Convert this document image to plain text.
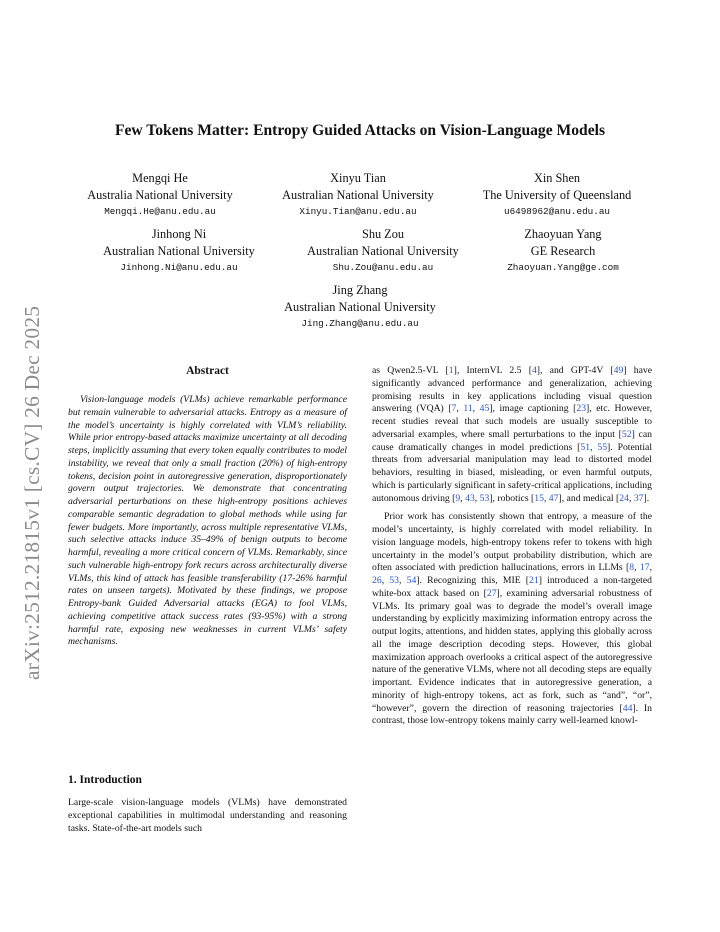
arXiv:2512.21815v1 [cs.CV] 26 Dec 2025
Few Tokens Matter: Entropy Guided Attacks on Vision-Language Models
Mengqi He
Australia National University
Mengqi.He@anu.edu.au
Xinyu Tian
Australian National University
Xinyu.Tian@anu.edu.au
Xin Shen
The University of Queensland
u6498962@anu.edu.au
Jinhong Ni
Australian National University
Jinhong.Ni@anu.edu.au
Shu Zou
Australian National University
Shu.Zou@anu.edu.au
Zhaoyuan Yang
GE Research
Zhaoyuan.Yang@ge.com
Jing Zhang
Australian National University
Jing.Zhang@anu.edu.au
Abstract

Vision-language models (VLMs) achieve remarkable performance but remain vulnerable to adversarial attacks. Entropy as a measure of the model’s uncertainty is highly correlated with VLM’s reliability. While prior entropy-based attacks maximize uncertainty at all decoding steps, implicitly assuming that every token equally contributes to model instability, we reveal that only a small fraction (20%) of high-entropy tokens, decision point in autoregressive generation, disproportionately govern output trajectories. We demonstrate that concentrating adversarial perturbations on these high-entropy positions achieves comparable semantic degradation to global methods while using far fewer budgets. More importantly, across multiple representative VLMs, such selective attacks induce 35–49% of benign outputs to become harmful, revealing a more critical concern of VLMs. Remarkably, since such vulnerable high-entropy fork recurs across architecturally diverse VLMs, this kind of attack has feasible transferability (17-26% harmful rates on unseen targets). Motivated by these findings, we propose Entropy-bank Guided Adversarial attacks (EGA) to fool VLMs, achieving competitive attack success rates (93-95%) with a strong harmful rate, exposing new weaknesses in current VLMs’ safety mechanisms.

1. Introduction

Large-scale vision-language models (VLMs) have demonstrated exceptional capabilities in multimodal understanding and reasoning tasks. State-of-the-art models such

as Qwen2.5-VL [1], InternVL 2.5 [4], and GPT-4V [49] have significantly advanced performance and generalization, achieving promising results in key applications including visual question answering (VQA) [7, 11, 45], image captioning [23], etc. However, recent studies reveal that such models are usually susceptible to adversarial examples, where small perturbations to the input [52] can cause dramatically changes in model predictions [51, 55]. Potential threats from adversarial manipulation may lead to distorted model behaviors, resulting in biased, misleading, or even harmful outputs, which is particularly significant in safety-critical applications, including autonomous driving [9, 43, 53], robotics [15, 47], and medical [24, 37].

Prior work has consistently shown that entropy, a measure of the model’s uncertainty, is highly correlated with model reliability. In vision language models, high-entropy tokens refer to tokens with high uncertainty in the model’s output probability distribution, which are often associated with prediction hallucinations, errors in LLMs [8, 17, 26, 53, 54]. Recognizing this, MIE [21] introduced a non-targeted white-box attack based on [27], examining adversarial robustness of VLMs. Its primary goal was to degrade the model’s overall image understanding by explicitly maximizing information entropy across the output logits, attentions, and hidden states, applying this globally across all the image description decoding steps. However, this global maximization approach overlooks a critical aspect of the autoregressive nature of the generative VLMs, where not all decoding steps are equally important. Evidence indicates that in autoregressive generation, a minority of high-entropy tokens, act as fork, such as “and”, “or”, “however”, govern the direction of reasoning trajectories [44]. In contrast, those low-entropy tokens mainly carry well-learned knowl-
